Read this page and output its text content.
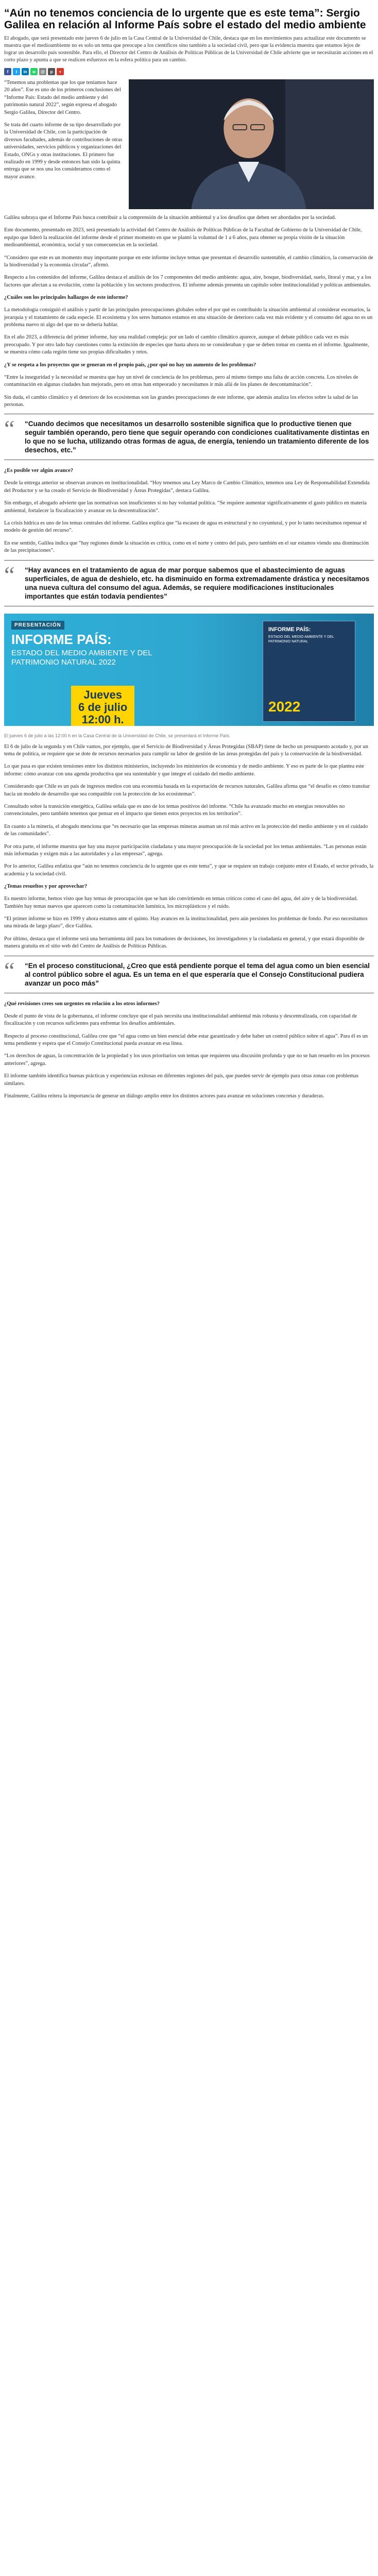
“Aún no tenemos conciencia de lo urgente que es este tema”: Sergio Galilea en relación al Informe País sobre el estado del medio ambiente

El abogado, que será presentado este jueves 6 de julio en la Casa Central de la Universidad de Chile, destaca que en los movimientos para actualizar este documento se muestra que el medioambiente no es solo un tema que preocupe a los científicos sino también a la sociedad civil, pero que la evidencia muestra que estamos lejos de lograr un desarrollo país sostenible. Para ello, el Director del Centro de Análisis de Políticas Públicas de la Universidad de Chile advierte que se necesitarán acciones en el corto plazo y apunta a que se realicen esfuerzos en la esfera política para un cambio.

f	t	in	w	@	p	+

“Tenemos una problemas que los que teníamos hace 20 años”. Ese es uno de los primeros conclusiones del “Informe País: Estado del medio ambiente y del patrimonio natural 2022”, según expresa el abogado Sergio Galilea, Director del Centro.

Se trata del cuarto informe de su tipo desarrollado por la Universidad de Chile, con la participación de diversos facultades, además de contribuciones de otras universidades, servicios públicos y organizaciones del Estado, ONGs y otras instituciones. El primero fue realizado en 1999 y desde entonces han sido la quinta entrega que se nos una los consideramos como el mayor avance.

Galilea subraya que el Informe País busca contribuir a la comprensión de la situación ambiental y a los desafíos que deben ser abordados por la sociedad.

Este documento, presentado en 2023, será presentado la actividad del Centro de Análisis de Políticas Públicas de la Facultad de Gobierno de la Universidad de Chile, equipo que lideró la realización del informe desde el primer momento en que se plantó la voluntad de 1 a 6 años, para obtener su propia visión de la situación medioambiental, económica, social y sus consecuencias en la sociedad.

“Considero que este es un momento muy importante porque en este informe incluye temas que presentan el desarrollo sustentable, el cambio climático, la conservación de la biodiversidad y la economía circular”, afirmó.

Respecto a los contenidos del informe, Galilea destaca el análisis de los 7 componentes del medio ambiente: agua, aire, bosque, biodiversidad, suelo, litoral y mar, y a los factores que afectan a su evolución, como la población y los sectores productivos. El informe además presenta un capítulo sobre institucionalidad y políticas ambientales.

¿Cuáles son los principales hallazgos de este informe?

La metodología consiguió el análisis y partir de las principales preocupaciones globales sobre el por qué es contribuido la situación ambiental al considerar escenarios, la jerarquía y el tratamiento de cada especie. El ecosistema y los seres humanos estamos en una situación de deterioro cada vez más evidente y el consumo del agua no es un problema nuevo ni algo del que no se debería hablar.

En el año 2023, a diferencia del primer informe, hay una realidad compleja: por un lado el cambio climático aparece, aunque el debate público cada vez es más preocupado. Y por otro lado hay cuestiones como la extinción de especies que hasta ahora no se consideraban y que se deben tomar en cuenta en el informe. Igualmente, se muestra cómo cada región tiene sus propias dificultades y retos.

¿Y se respeta a los proyectos que se generan en el propio país, ¿por qué no hay un aumento de los problemas?

“Entre la inseguridad y la necesidad se muestra que hay un nivel de conciencia de los problemas, pero al mismo tiempo una falta de acción concreta. Los niveles de contaminación en algunas ciudades han mejorado, pero en otras han empeorado y necesitamos ir más allá de los planes de descontaminación”.

Sin duda, el cambio climático y el deterioro de los ecosistemas son las grandes preocupaciones de este informe, que además analiza los efectos sobre la salud de las personas.

“	“Cuando decimos que necesitamos un desarrollo sostenible significa que lo productive tienen que seguir también operando, pero tiene que seguir operando con condiciones cualitativamente distintas en lo que no se lucha, utilizando otras formas de agua, de energía, teniendo un tratamiento diferente de los desechos, etc.”
¿Es posible ver algún avance?

Desde la entrega anterior se observan avances en institucionalidad. “Hoy tenemos una Ley Marco de Cambio Climático, tenemos una Ley de Responsabilidad Extendida del Productor y se ha creado el Servicio de Biodiversidad y Áreas Protegidas”, destaca Galilea.

Sin embargo, el abogado advierte que las normativas son insuficientes si no hay voluntad política. “Se requiere aumentar significativamente el gasto público en materia ambiental, fortalecer la fiscalización y avanzar en la descentralización”.

La crisis hídrica es uno de los temas centrales del informe. Galilea explica que “la escasez de agua es estructural y no coyuntural, y por lo tanto necesitamos repensar el modelo de gestión del recurso”.

En ese sentido, Galilea indica que “hay regiones donde la situación es crítica, como en el norte y centro del país, pero también en el sur estamos viendo una disminución de las precipitaciones”.

“	“Hay avances en el tratamiento de agua de mar porque sabemos que el abastecimiento de aguas superficiales, de agua de deshielo, etc. ha disminuido en forma extremadamente drástica y necesitamos una nueva cultura del consumo del agua. Además, se requiere modificaciones institucionales importantes que están todavía pendientes”
PRESENTACIÓN
INFORME PAÍS:
ESTADO DEL MEDIO AMBIENTE Y DEL PATRIMONIO NATURAL 2022
Jueves
6 de julio
12:00 h.
INFORME PAÍS:
ESTADO DEL MEDIO AMBIENTE Y DEL PATRIMONIO NATURAL
2022
El jueves 6 de julio a las 12:00 h en la Casa Central de la Universidad de Chile, se presentará el Informe País.

El 6 de julio de la segunda y en Chile vamos, por ejemplo, que el Servicio de Biodiversidad y Áreas Protegidas (SBAP) tiene de hecho un presupuesto acotado y, por un tema de política, se requiere que se dote de recursos necesarios para cumplir su labor de gestión de las áreas protegidas del país y la conservación de la biodiversidad.

Lo que pasa es que existen tensiones entre los distintos ministerios, incluyendo los ministerios de economía y de medio ambiente. Y eso es parte de lo que plantea este informe: cómo avanzar con una agenda productiva que sea sustentable y que integre el cuidado del medio ambiente.

Considerando que Chile es un país de ingresos medios con una economía basada en la exportación de recursos naturales, Galilea afirma que “el desafío es cómo transitar hacia un modelo de desarrollo que sea compatible con la protección de los ecosistemas”.

Consultado sobre la transición energética, Galilea señala que es uno de los temas positivos del informe. “Chile ha avanzado mucho en energías renovables no convencionales, pero también tenemos que pensar en el impacto que tienen estos proyectos en los territorios”.

En cuanto a la minería, el abogado menciona que “es necesario que las empresas mineras asuman un rol más activo en la protección del medio ambiente y en el cuidado de las comunidades”.

Por otra parte, el informe muestra que hay una mayor participación ciudadana y una mayor preocupación de la sociedad por los temas ambientales. “Las personas están más informadas y exigen más a las autoridades y a las empresas”, agrega.

Por lo anterior, Galilea enfatiza que “aún no tenemos conciencia de lo urgente que es este tema”, y que se requiere un trabajo conjunto entre el Estado, el sector privado, la academia y la sociedad civil.

¿Temas resueltos y por aprovechar?

Es nuestro informe, hemos visto que hay temas de preocupación que se han ido convirtiendo en temas críticos como el caso del agua, del aire y de la biodiversidad. También hay temas nuevos que aparecen como la contaminación lumínica, los microplásticos y el ruido.

“El primer informe se hizo en 1999 y ahora estamos ante el quinto. Hay avances en la institucionalidad, pero aún persisten los problemas de fondo. Por eso necesitamos una mirada de largo plazo”, dice Galilea.

Por último, destaca que el informe será una herramienta útil para los tomadores de decisiones, los investigadores y la ciudadanía en general, y que estará disponible de manera gratuita en el sitio web del Centro de Análisis de Políticas Públicas.

“	“En el proceso constitucional, ¿Creo que está pendiente porque el tema del agua como un bien esencial al control público sobre el agua. Es un tema en el que esperaría que el Consejo Constitucional pudiera avanzar un poco más”
¿Qué revisiones crees son urgentes en relación a los otros informes?

Desde el punto de vista de la gobernanza, el informe concluye que el país necesita una institucionalidad ambiental más robusta y descentralizada, con capacidad de fiscalización y con recursos suficientes para enfrentar los desafíos ambientales.

Respecto al proceso constitucional, Galilea cree que “el agua como un bien esencial debe estar garantizado y debe haber un control público sobre el agua”. Para él es un tema pendiente y espera que el Consejo Constitucional pueda avanzar en esa línea.

“Los derechos de aguas, la concentración de la propiedad y los usos prioritarios son temas que requieren una discusión profunda y que no se han resuelto en los procesos anteriores”, agrega.

El informe también identifica buenas prácticas y experiencias exitosas en diferentes regiones del país, que pueden servir de ejemplo para otras zonas con problemas similares.

Finalmente, Galilea reitera la importancia de generar un diálogo amplio entre los distintos actores para avanzar en soluciones concretas y duraderas.
